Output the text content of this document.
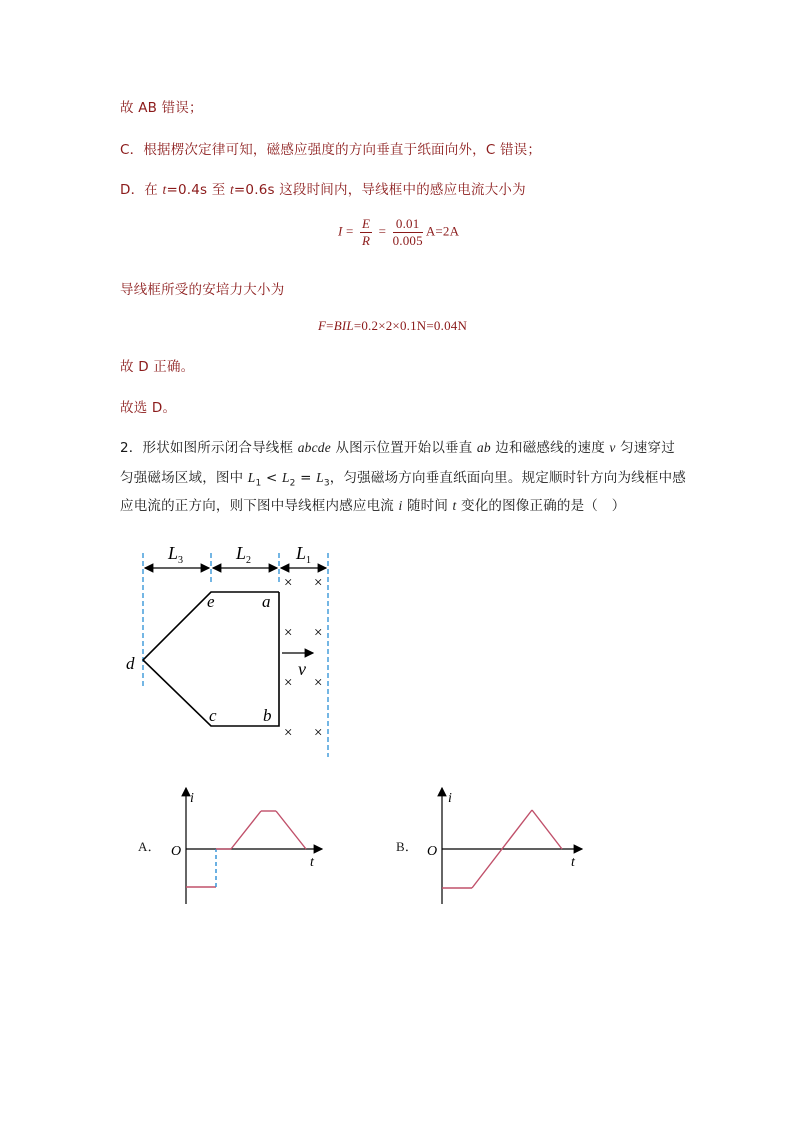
故 AB 错误；
C．根据楞次定律可知，磁感应强度的方向垂直于纸面向外，C 错误；
D．在 t=0.4s 至 t=0.6s 这段时间内，导线框中的感应电流大小为
$I = \frac{E}{R} = \frac{0.01}{0.005} A=2A$
导线框所受的安培力大小为
F=BIL=0.2×2×0.1N=0.04N
故 D 正确。
故选 D。
2．形状如图所示闭合导线框 abcde 从图示位置开始以垂直 ab 边和磁感线的速度 v 匀速穿过
匀强磁场区域，图中 $L_1 < L_2 = L_3$，匀强磁场方向垂直纸面向里。规定顺时针方向为线框中感
应电流的正方向，则下图中导线框内感应电流 i 随时间 t 变化的图像正确的是（　）
$L_3$	$L_2$ $L_1$
e	a
d
c	b
v
× ×
× ×
× ×
× ×
A．
i
t
O	B．
i
t
O
